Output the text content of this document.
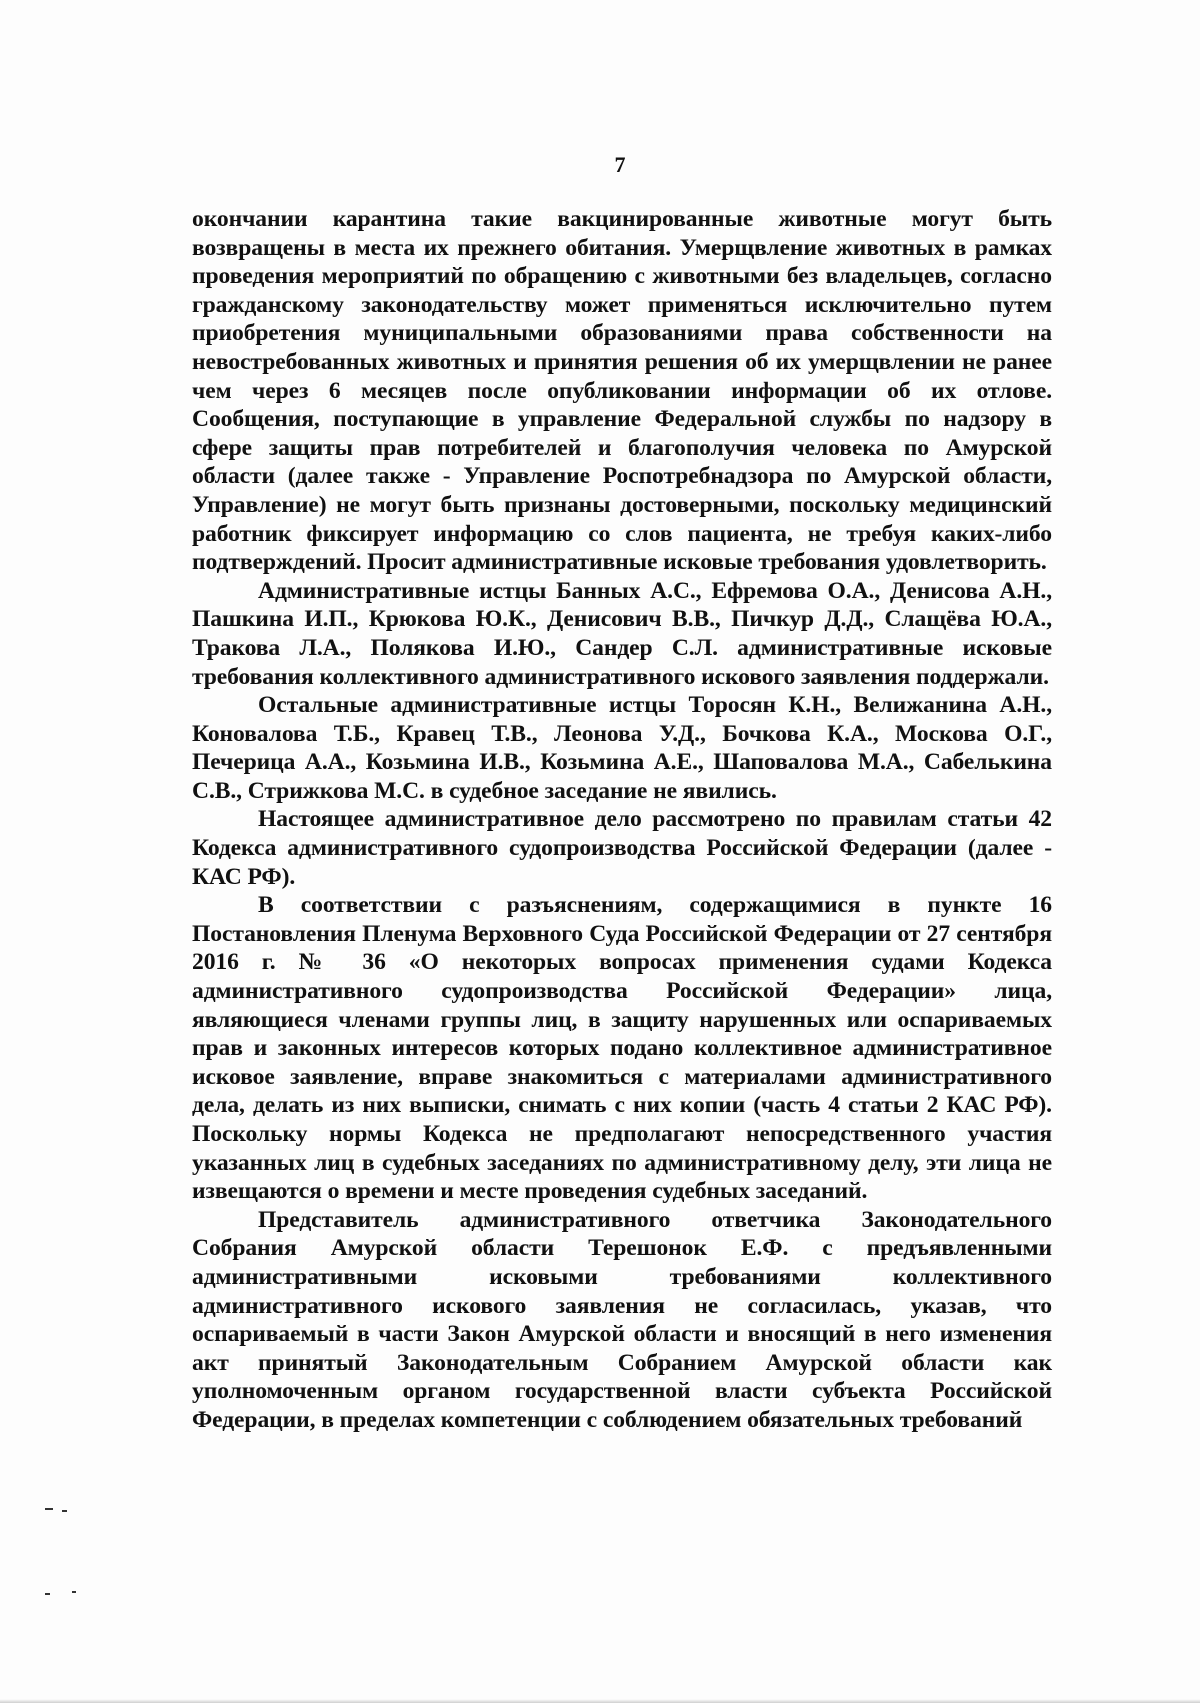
7

окончании карантина такие вакцинированные животные могут быть возвращены в места их прежнего обитания. Умерщвление животных в рамках проведения мероприятий по обращению с животными без владельцев, согласно гражданскому законодательству может применяться исключительно путем приобретения муниципальными образованиями права собственности на невостребованных животных и принятия решения об их умерщвлении не ранее чем через 6 месяцев после опубликовании информации об их отлове. Сообщения, поступающие в управление Федеральной службы по надзору в сфере защиты прав потребителей и благополучия человека по Амурской области (далее также - Управление Роспотребнадзора по Амурской области, Управление) не могут быть признаны достоверными, поскольку медицинский работник фиксирует информацию со слов пациента, не требуя каких-либо подтверждений. Просит административные исковые требования удовлетворить.

Административные истцы Банных А.С., Ефремова О.А., Денисова А.Н., Пашкина И.П., Крюкова Ю.К., Денисович В.В., Пичкур Д.Д., Слащёва Ю.А., Тракова Л.А., Полякова И.Ю., Сандер С.Л. административные исковые требования коллективного административного искового заявления поддержали.

Остальные административные истцы Торосян К.Н., Велижанина А.Н., Коновалова Т.Б., Кравец Т.В., Леонова У.Д., Бочкова К.А., Москова О.Г., Печерица А.А., Козьмина И.В., Козьмина А.Е., Шаповалова М.А., Сабелькина С.В., Стрижкова М.С. в судебное заседание не явились.

Настоящее административное дело рассмотрено по правилам статьи 42 Кодекса административного судопроизводства Российской Федерации (далее - КАС РФ).

В соответствии с разъяснениям, содержащимися в пункте 16 Постановления Пленума Верховного Суда Российской Федерации от 27 сентября 2016 г. № 36 «О некоторых вопросах применения судами Кодекса административного судопроизводства Российской Федерации» лица, являющиеся членами группы лиц, в защиту нарушенных или оспариваемых прав и законных интересов которых подано коллективное административное исковое заявление, вправе знакомиться с материалами административного дела, делать из них выписки, снимать с них копии (часть 4 статьи 2 КАС РФ). Поскольку нормы Кодекса не предполагают непосредственного участия указанных лиц в судебных заседаниях по административному делу, эти лица не извещаются о времени и месте проведения судебных заседаний.

Представитель административного ответчика Законодательного Собрания Амурской области Терешонок Е.Ф. с предъявленными административными исковыми требованиями коллективного административного искового заявления не согласилась, указав, что оспариваемый в части Закон Амурской области и вносящий в него изменения акт принятый Законодательным Собранием Амурской области как уполномоченным органом государственной власти субъекта Российской Федерации, в пределах компетенции с соблюдением обязательных требований
